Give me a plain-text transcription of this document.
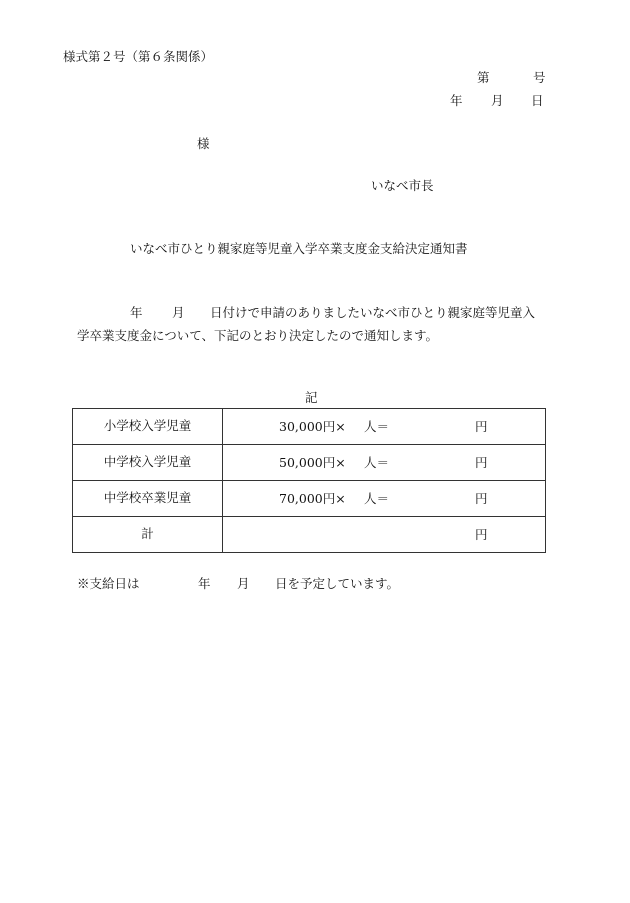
様式第２号（第６条関係）
第	号
年 月 日
様
いなべ市長
いなべ市ひとり親家庭等児童入学卒業支度金支給決定通知書
年 月 日付けで申請のありましたいなべ市ひとり親家庭等児童入
学卒業支度金について、下記のとおり決定したので通知します。
記
小学校入学児童	30,000円× 人＝ 円

中学校入学児童	50,000円× 人＝ 円

中学校卒業児童	70,000円× 人＝ 円

計	円
※支給日は	年 月 日を予定しています。
